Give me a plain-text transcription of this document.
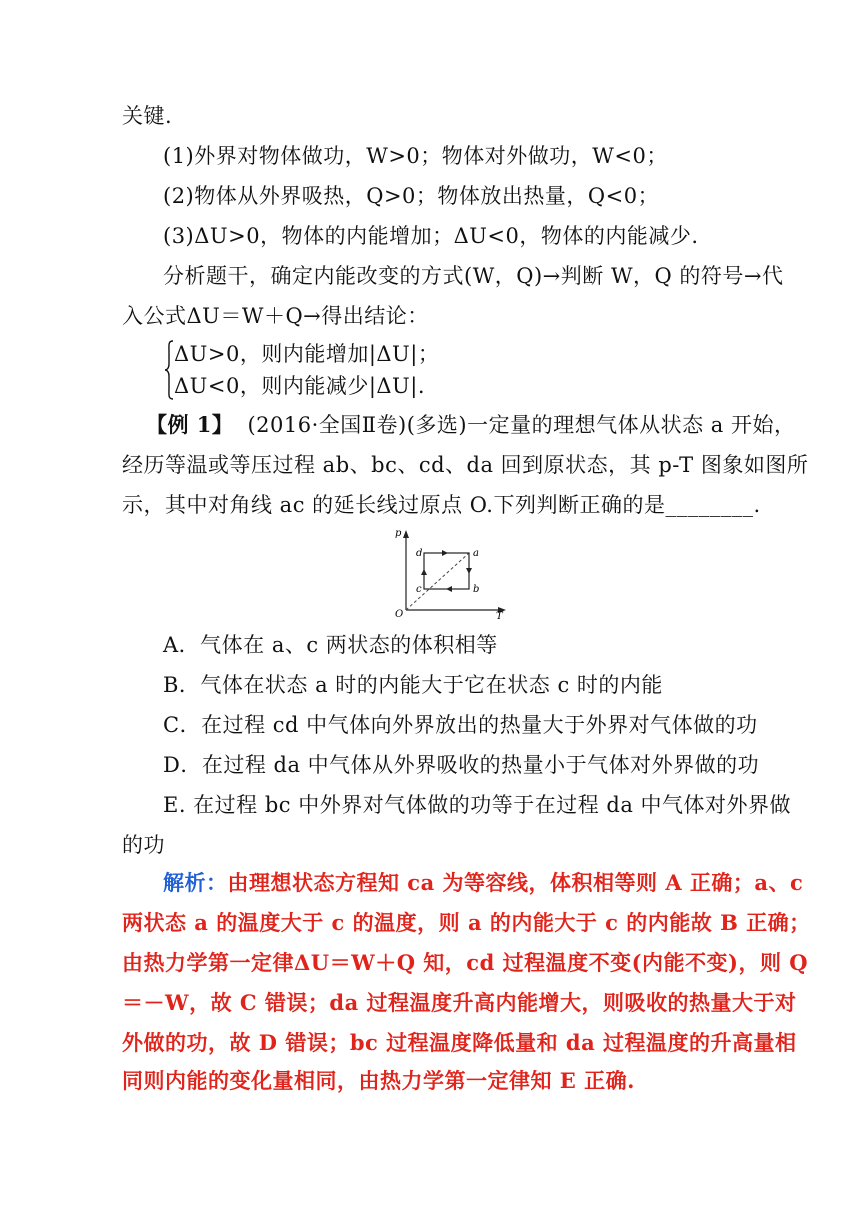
关键.
(1)外界对物体做功，W>0；物体对外做功，W<0；
(2)物体从外界吸热，Q>0；物体放出热量，Q<0；
(3)ΔU>0，物体的内能增加；ΔU<0，物体的内能减少.
分析题干，确定内能改变的方式(W，Q)→判断 W，Q 的符号→代
入公式ΔU＝W＋Q→得出结论：
ΔU>0，则内能增加|ΔU|；
ΔU<0，则内能减少|ΔU|.
【例 1】 (2016·全国Ⅱ卷)(多选)一定量的理想气体从状态 a 开始，
经历等温或等压过程 ab、bc、cd、da 回到原状态，其 p-T 图象如图所
示，其中对角线 ac 的延长线过原点 O.下列判断正确的是________.
p
T
O
a
b
c
d
A．气体在 a、c 两状态的体积相等
B．气体在状态 a 时的内能大于它在状态 c 时的内能
C．在过程 cd 中气体向外界放出的热量大于外界对气体做的功
D．在过程 da 中气体从外界吸收的热量小于气体对外界做的功
E. 在过程 bc 中外界对气体做的功等于在过程 da 中气体对外界做
的功
解析：由理想状态方程知 ca 为等容线，体积相等则 A 正确；a、c
两状态 a 的温度大于 c 的温度，则 a 的内能大于 c 的内能故 B 正确；
由热力学第一定律ΔU＝W＋Q 知，cd 过程温度不变(内能不变)，则 Q
＝－W，故 C 错误；da 过程温度升高内能增大，则吸收的热量大于对
外做的功，故 D 错误；bc 过程温度降低量和 da 过程温度的升高量相
同则内能的变化量相同，由热力学第一定律知 E 正确.
